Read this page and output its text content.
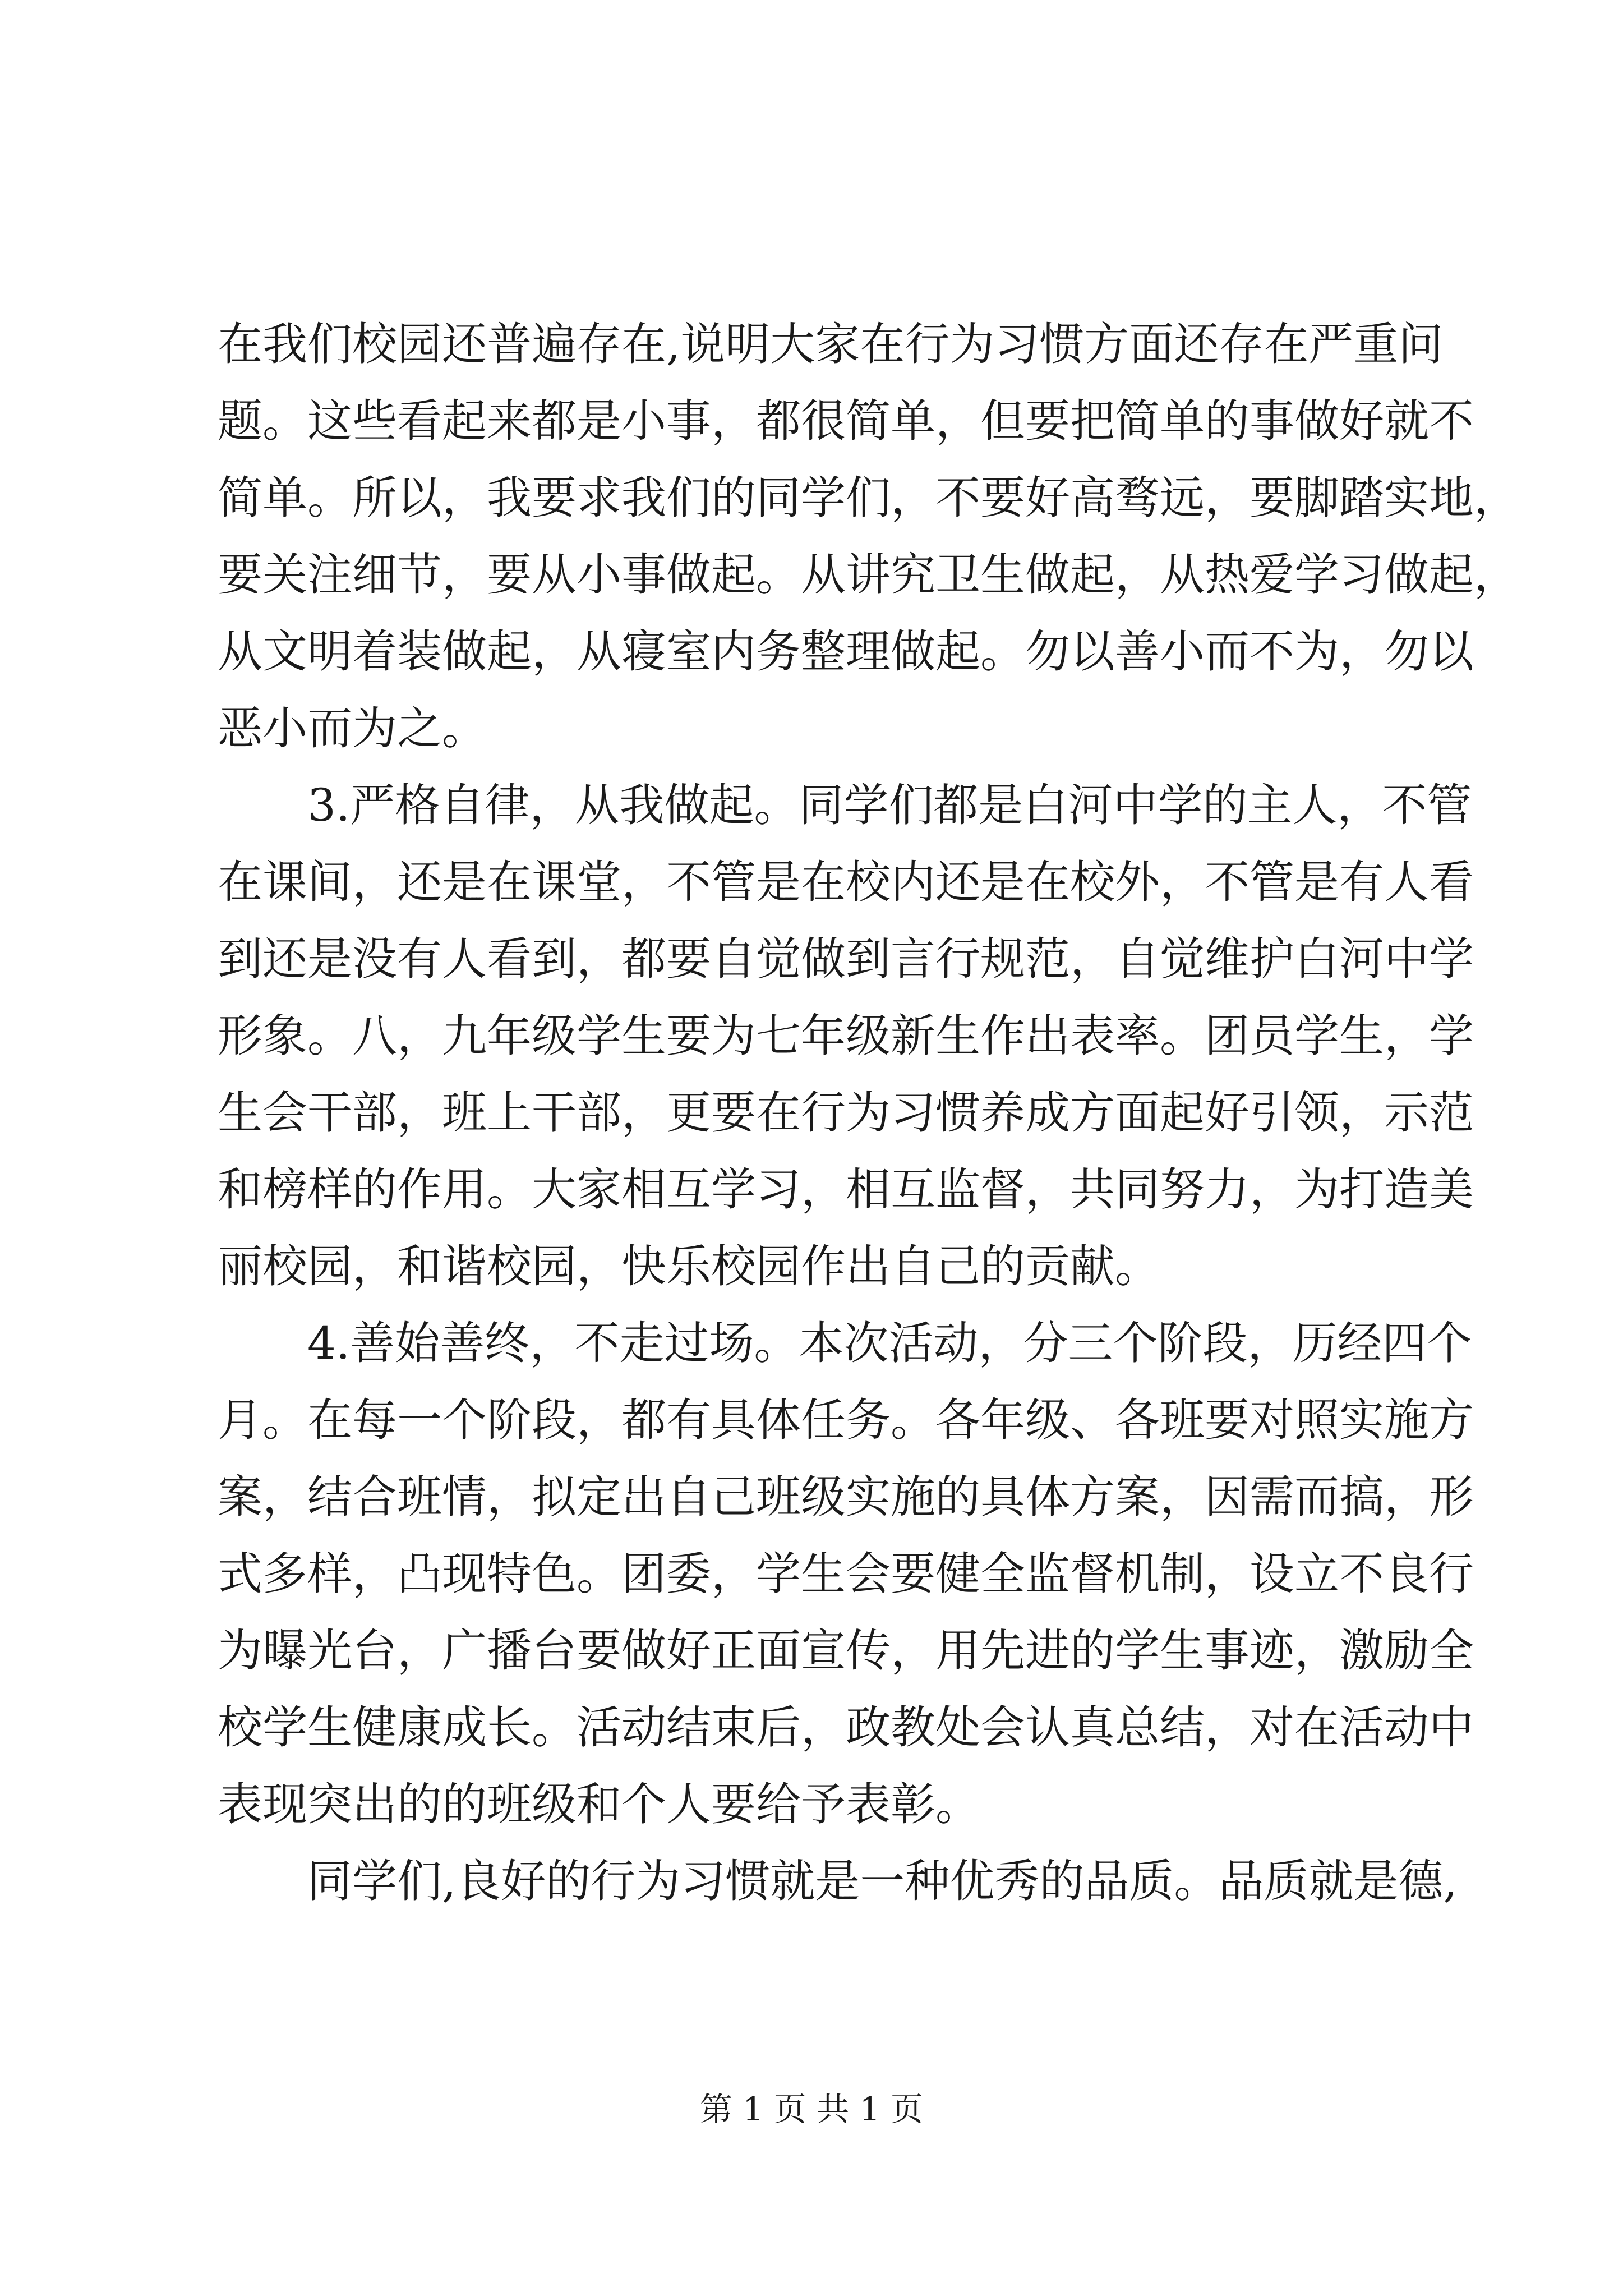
在我们校园还普遍存在,说明大家在行为习惯方面还存在严重问
题。这些看起来都是小事，都很简单，但要把简单的事做好就不
简单。所以，我要求我们的同学们，不要好高骛远，要脚踏实地，
要关注细节，要从小事做起。从讲究卫生做起，从热爱学习做起，
从文明着装做起，从寝室内务整理做起。勿以善小而不为，勿以
恶小而为之。
3.严格自律，从我做起。同学们都是白河中学的主人，不管
在课间，还是在课堂，不管是在校内还是在校外，不管是有人看
到还是没有人看到，都要自觉做到言行规范，自觉维护白河中学
形象。八，九年级学生要为七年级新生作出表率。团员学生，学
生会干部，班上干部，更要在行为习惯养成方面起好引领，示范
和榜样的作用。大家相互学习，相互监督，共同努力，为打造美
丽校园，和谐校园，快乐校园作出自己的贡献。
4.善始善终，不走过场。本次活动，分三个阶段，历经四个
月。在每一个阶段，都有具体任务。各年级、各班要对照实施方
案，结合班情，拟定出自己班级实施的具体方案，因需而搞，形
式多样，凸现特色。团委，学生会要健全监督机制，设立不良行
为曝光台，广播台要做好正面宣传，用先进的学生事迹，激励全
校学生健康成长。活动结束后，政教处会认真总结，对在活动中
表现突出的的班级和个人要给予表彰。
同学们,良好的行为习惯就是一种优秀的品质。品质就是德,
第 1 页 共 1 页
